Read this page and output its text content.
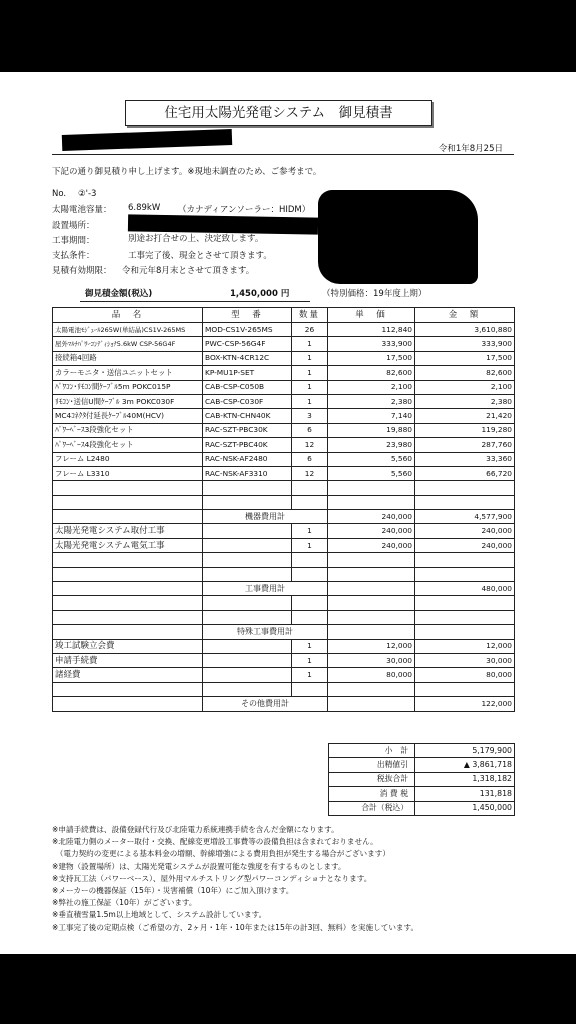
住宅用太陽光発電システム　御見積書
令和1年8月25日
下記の通り御見積り申し上げます。※現地未調査のため、ご参考まで。
No. ②'-3
太陽電池容量： 6.89kW （カナディアンソーラー：HIDM）
設置場所：
工事期間：	別途お打合せの上、決定致します。
支払条件：	工事完了後、現金とさせて頂きます。
見積有効期限： 令和元年8月末とさせて頂きます。
御見積金額(税込)	1,450,000 円	（特別価格：19年度上期）
品　名	型　番	数量	単　価	金　額
太陽電池ﾓｼﾞｭｰﾙ265W(単結晶)CS1V-265MS	MOD-CS1V-265MS	26	112,840	3,610,880
屋外ﾏﾙﾁﾊﾟﾜｰｺﾝﾃﾞｨｼｮﾅ5.6kW CSP-56G4F	PWC-CSP-56G4F	1	333,900	333,900
接続箱4回路	BOX-KTN-4CR12C	1	17,500	17,500
カラーモニタ・送信ユニットセット	KP-MU1P-SET	1	82,600	82,600
ﾊﾟﾜｺﾝ･ﾘﾓｺﾝ間ｹｰﾌﾞﾙ5m POKC015P	CAB-CSP-C050B	1	2,100	2,100
ﾘﾓｺﾝ･送信U間ｹｰﾌﾞﾙ 3m POKC030F	CAB-CSP-C030F	1	2,380	2,380
MC4ｺﾈｸﾀ付延長ｹｰﾌﾞﾙ40M(HCV)	CAB-KTN-CHN40K	3	7,140	21,420
ﾊﾟﾜｰﾍﾞｰｽ3段強化セット	RAC-SZT-PBC30K	6	19,880	119,280
ﾊﾟﾜｰﾍﾞｰｽ4段強化セット	RAC-SZT-PBC40K	12	23,980	287,760
フレーム L2480	RAC-NSK-AF2480	6	5,560	33,360
フレーム L3310	RAC-NSK-AF3310	12	5,560	66,720

	機器費用計		240,000	4,577,900
太陽光発電システム取付工事		1	240,000	240,000
太陽光発電システム電気工事		1	240,000	240,000

	工事費用計			480,000

	特殊工事費用計			
竣工試験立会費		1	12,000	12,000
申請手続費		1	30,000	30,000
諸経費		1	80,000	80,000

	その他費用計			122,000
小　計	5,179,900
出精値引	▲ 3,861,718
税抜合計	1,318,182
消 費 税	131,818
合計（税込）	1,450,000
※申請手続費は、設備登録代行及び北陸電力系統連携手続を含んだ金額になります。
※北陸電力側のメーター取付・交換、配線変更増設工事費等の設備負担は含まれておりません。
　（電力契約の変更による基本料金の増額、幹線増強による費用負担が発生する場合がございます）
※建物（設置場所）は、太陽光発電システムが設置可能な強度を有するものとします。
※支持瓦工法（パワーベース）、屋外用マルチストリング型パワーコンディショナとなります。
※メーカーの機器保証（15年）・災害補償（10年）にご加入頂けます。
※弊社の施工保証（10年）がございます。
※垂直積雪量1.5m以上地域として、システム設計しています。
※工事完了後の定期点検（ご希望の方、2ヶ月・1年・10年または15年の計3回、無料）を実施しています。
